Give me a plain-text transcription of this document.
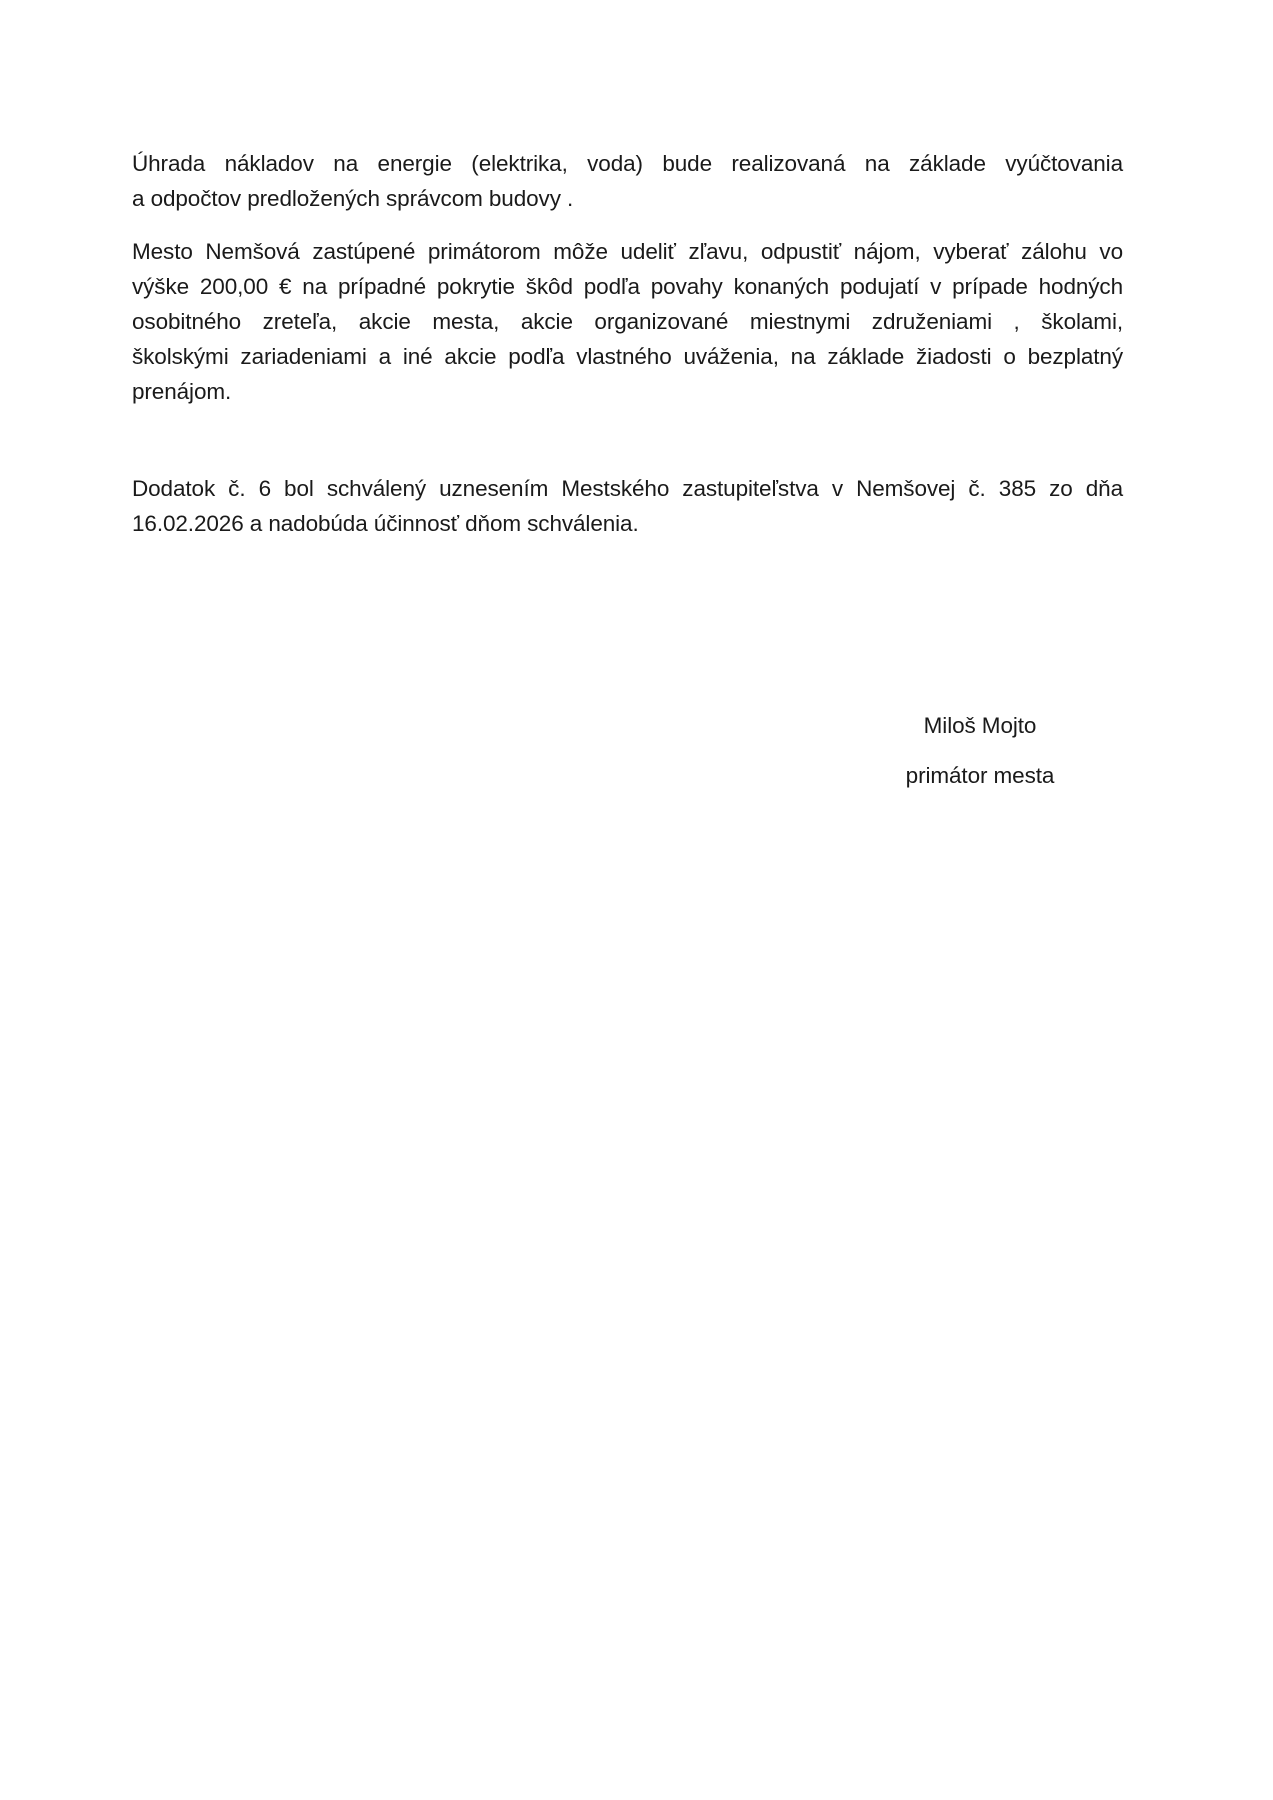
Úhrada nákladov na energie (elektrika, voda) bude realizovaná na základe vyúčtovania
a odpočtov predložených správcom budovy .
Mesto Nemšová zastúpené primátorom môže udeliť zľavu, odpustiť nájom, vyberať zálohu vo
výške 200,00 € na prípadné pokrytie škôd podľa povahy konaných podujatí v prípade hodných
osobitného zreteľa, akcie mesta, akcie organizované miestnymi združeniami , školami,
školskými zariadeniami a iné akcie podľa vlastného uváženia, na základe žiadosti o bezplatný
prenájom.
Dodatok č. 6 bol schválený uznesením Mestského zastupiteľstva v Nemšovej č. 385 zo dňa
16.02.2026 a nadobúda účinnosť dňom schválenia.
Miloš Mojto
primátor mesta
